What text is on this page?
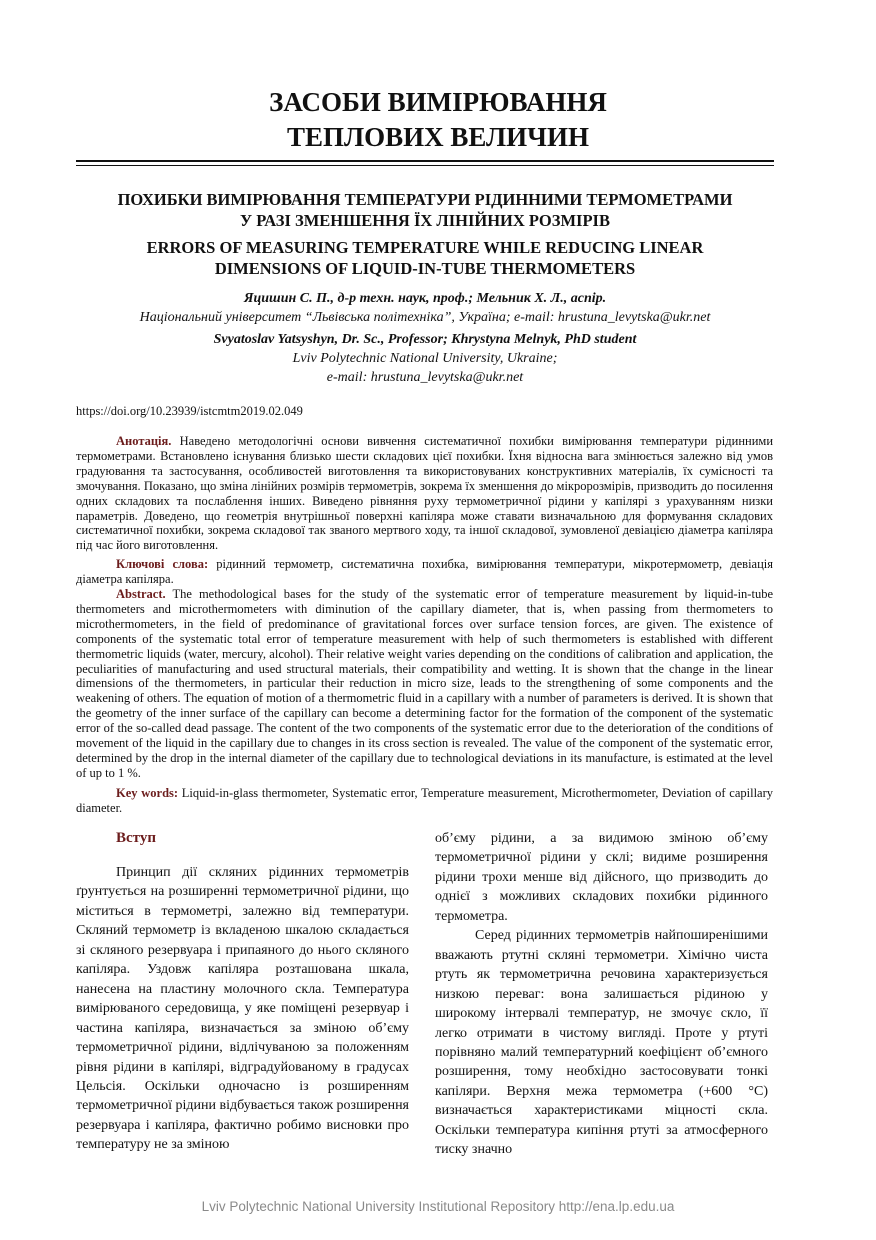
ЗАСОБИ ВИМІРЮВАННЯ
ТЕПЛОВИХ ВЕЛИЧИН
ПОХИБКИ ВИМІРЮВАННЯ ТЕМПЕРАТУРИ РІДИННИМИ ТЕРМОМЕТРАМИ
У РАЗІ ЗМЕНШЕННЯ ЇХ ЛІНІЙНИХ РОЗМІРІВ
ERRORS OF MEASURING TEMPERATURE WHILE REDUCING LINEAR
DIMENSIONS OF LIQUID-IN-TUBE THERMOMETERS
Яцишин С. П., д-р техн. наук, проф.; Мельник Х. Л., аспір.
Національний університет “Львівська політехніка”, Україна; e-mail: hrustuna_levytska@ukr.net
Svyatoslav Yatsyshyn, Dr. Sc., Professor; Khrystyna Melnyk, PhD student
Lviv Polytechnic National University, Ukraine;
e-mail: hrustuna_levytska@ukr.net
https://doi.org/10.23939/istcmtm2019.02.049

Анотація. Наведено методологічні основи вивчення систематичної похибки вимірювання температури рідинними термометрами. Встановлено існування близько шести складових цієї похибки. Їхня відносна вага змінюється залежно від умов градуювання та застосування, особливостей виготовлення та використовуваних конструктивних матеріалів, їх сумісності та змочування. Показано, що зміна лінійних розмірів термометрів, зокрема їх зменшення до мікророзмірів, призводить до посилення одних складових та послаблення інших. Виведено рівняння руху термометричної рідини у капілярі з урахуванням низки параметрів. Доведено, що геометрія внутрішньої поверхні капіляра може ставати визначальною для формування складових систематичної похибки, зокрема складової так званого мертвого ходу, та іншої складової, зумовленої девіацією діаметра капіляра під час його виготовлення.

Ключові слова: рідинний термометр, систематична похибка, вимірювання температури, мікротермометр, девіація діаметра капіляра.

Abstract. The methodological bases for the study of the systematic error of temperature measurement by liquid-in-tube thermometers and microthermometers with diminution of the capillary diameter, that is, when passing from thermometers to microthermometers, in the field of predominance of gravitational forces over surface tension forces, are given. The existence of components of the systematic total error of temperature measurement with help of such thermometers is established with different thermometric liquids (water, mercury, alcohol). Their relative weight varies depending on the conditions of calibration and application, the peculiarities of manufacturing and used structural materials, their compatibility and wetting. It is shown that the change in the linear dimensions of the thermometers, in particular their reduction in micro size, leads to the strengthening of some components and the weakening of others. The equation of motion of a thermometric fluid in a capillary with a number of parameters is derived. It is shown that the geometry of the inner surface of the capillary can become a determining factor for the formation of the component of the systematic error of the so-called dead passage. The content of the two components of the systematic error due to the deterioration of the conditions of movement of the liquid in the capillary due to changes in its cross section is revealed. The value of the component of the systematic error, determined by the drop in the internal diameter of the capillary due to technological deviations in its manufacture, is estimated at the level of up to 1 %.

Key words: Liquid-in-glass thermometer, Systematic error, Temperature measurement, Microthermometer, Deviation of capillary diameter.

Вступ

Принцип дії скляних рідинних термометрів ґрунтується на розширенні термометричної рідини, що міститься в термометрі, залежно від температури. Скляний термометр із вкладеною шкалою складається зі скляного резервуара і припаяного до нього скляного капіляра. Уздовж капіляра розташована шкала, нанесена на пластину молочного скла. Температура вимірюваного середовища, у яке поміщені резервуар і частина капіляра, визначається за зміною об’єму термометричної рідини, відлічуваною за положенням рівня рідини в капілярі, відградуйованому в градусах Цельсія. Оскільки одночасно із розширенням термометричної рідини відбувається також розширення резервуара і капіляра, фактично робимо висновки про температуру не за зміною

об’єму рідини, а за видимою зміною об’єму термометричної рідини у склі; видиме розширення рідини трохи менше від дійсного, що призводить до однієї з можливих складових похибки рідинного термометра.

Серед рідинних термометрів найпоширенішими вважають ртутні скляні термометри. Хімічно чиста ртуть як термометрична речовина характеризується низкою переваг: вона залишається рідиною у широкому інтервалі температур, не змочує скло, її легко отримати в чистому вигляді. Проте у ртуті порівняно малий температурний коефіцієнт об’ємного розширення, тому необхідно застосовувати тонкі капіляри. Верхня межа термометра (+600 °С) визначається характеристиками міцності скла. Оскільки температура кипіння ртуті за атмосферного тиску значно

Lviv Polytechnic National University Institutional Repository http://ena.lp.edu.ua
